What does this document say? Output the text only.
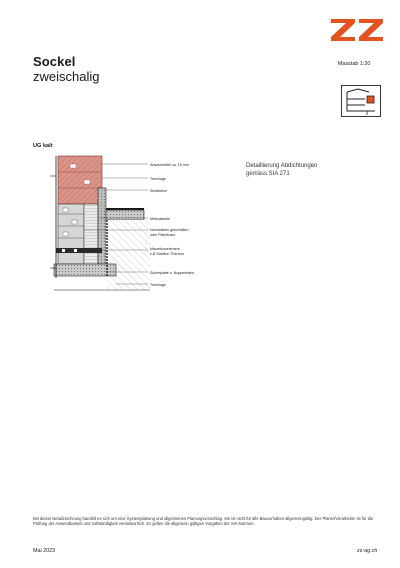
Sockel
zweischalig
Masstab 1:20
UG kalt
Detaillierung Abdichtungen
gemäss SIA 271
Ansetzmörtel ca. 15 mm
Trennlage
Sichtbeton
Mineralwolle
Normalstein geschnitten
oder PlanModul
Mauerfusselement
z.B Stahlton Thermur
Sickerplatte o. Noppenbahn
Trennlage
Bei dieser Detailzeichnung handelt es sich um eine Systemplanung und allgemeinen Planungsvorschlag. Sie ist nicht für alle Bauvorhaben allgemeingültig. Der Planer/Verarbeiter ist für die Prüfung der Anwendbarkeit und Vollständigkeit verantwortlich. Es gelten die allgemein gültigen Vorgaben der SIA-Normen.
Mai 2023	zz-ag.ch
